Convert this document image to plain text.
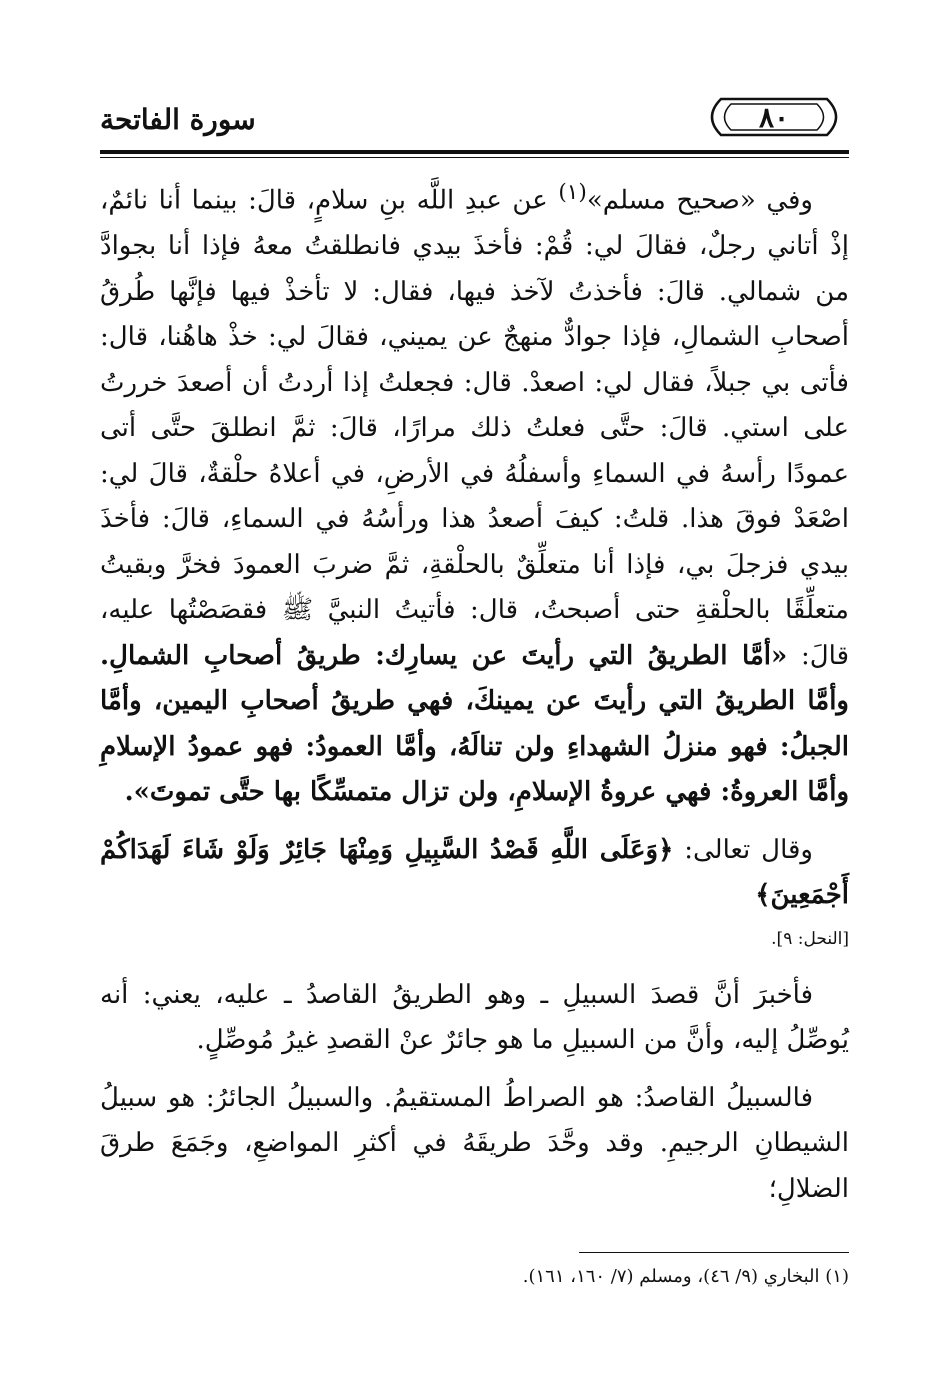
سورة الفاتحة	٨٠

وفي «صحيح مسلم»$^{(١)}$ عن عبدِ اللَّه بنِ سلامٍ، قالَ: بينما أنا نائمٌ، إذْ أتاني رجلٌ، فقالَ لي: قُمْ: فأخذَ بيدي فانطلقتُ معهُ فإذا أنا بجوادَّ من شمالي. قالَ: فأخذتُ لآخذ فيها، فقال: لا تأخذْ فيها فإنَّها طُرقُ أصحابِ الشمالِ، فإذا جوادٌّ منهجٌ عن يميني، فقالَ لي: خذْ هاهُنا، قال: فأتى بي جبلاً، فقال لي: اصعدْ. قال: فجعلتُ إذا أردتُ أن أصعدَ خررتُ على استي. قالَ: حتَّى فعلتُ ذلك مرارًا، قالَ: ثمَّ انطلقَ حتَّى أتى عمودًا رأسهُ في السماءِ وأسفلُهُ في الأرضِ، في أعلاهُ حلْقةٌ، قالَ لي: اصْعَدْ فوقَ هذا. قلتُ: كيفَ أصعدُ هذا ورأسُهُ في السماءِ، قالَ: فأخذَ بيدي فزجلَ بي، فإذا أنا متعلِّقٌ بالحلْقةِ، ثمَّ ضربَ العمودَ فخرَّ وبقيتُ متعلِّقًا بالحلْقةِ حتى أصبحتُ، قال: فأتيتُ النبيَّ ﷺ فقصَصْتُها عليه، قالَ: «أمَّا الطريقُ التي رأيتَ عن يسارِك: طريقُ أصحابِ الشمالِ. وأمَّا الطريقُ التي رأيتَ عن يمينكَ، فهي طريقُ أصحابِ اليمين، وأمَّا الجبلُ: فهو منزلُ الشهداءِ ولن تنالَهُ، وأمَّا العمودُ: فهو عمودُ الإسلامِ وأمَّا العروةُ: فهي عروةُ الإسلامِ، ولن تزال متمسِّكًا بها حتَّى تموتَ».

وقال تعالى: ﴿وَعَلَى اللَّهِ قَصْدُ السَّبِيلِ وَمِنْهَا جَائِرٌ وَلَوْ شَاءَ لَهَدَاكُمْ أَجْمَعِينَ﴾

[النحل: ٩].

فأخبرَ أنَّ قصدَ السبيلِ ـ وهو الطريقُ القاصدُ ـ عليه، يعني: أنه يُوصِّلُ إليه، وأنَّ من السبيلِ ما هو جائرٌ عنْ القصدِ غيرُ مُوصِّلٍ.

فالسبيلُ القاصدُ: هو الصراطُ المستقيمُ. والسبيلُ الجائرُ: هو سبيلُ الشيطانِ الرجيمِ. وقد وحَّدَ طريقَهُ في أكثرِ المواضعِ، وجَمَعَ طرقَ الضلالِ؛

(١) البخاري (٩/ ٤٦)، ومسلم (٧/ ١٦٠، ١٦١).
